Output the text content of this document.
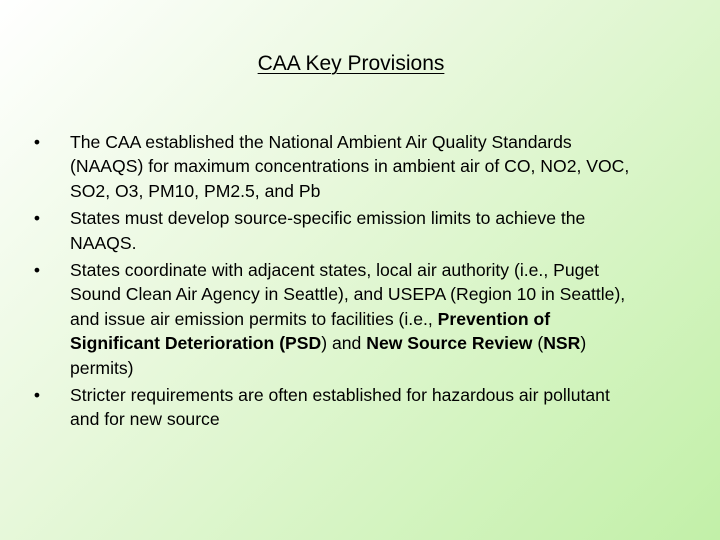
CAA Key Provisions
• The CAA established the National Ambient Air Quality Standards (NAAQS) for maximum concentrations in ambient air of CO, NO2, VOC, SO2, O3, PM10, PM2.5, and Pb
• States must develop source-specific emission limits to achieve the NAAQS.
• States coordinate with adjacent states, local air authority (i.e., Puget Sound Clean Air Agency in Seattle), and USEPA (Region 10 in Seattle), and issue air emission permits to facilities (i.e., Prevention of Significant Deterioration (PSD) and New Source Review (NSR) permits)
• Stricter requirements are often established for hazardous air pollutant and for new source
